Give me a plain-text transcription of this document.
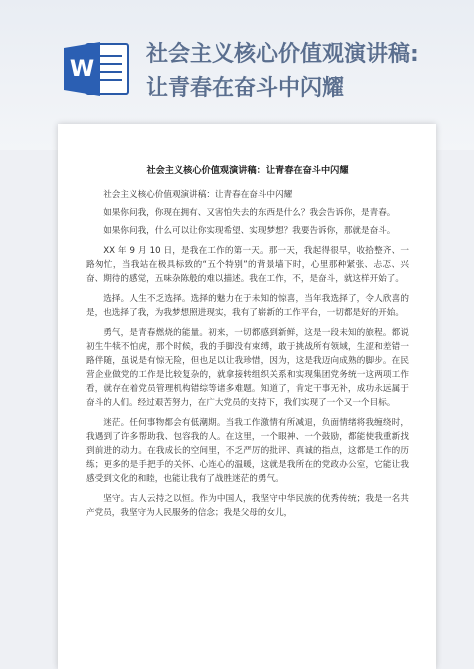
W
社会主义核心价值观演讲稿:
让青春在奋斗中闪耀
社会主义核心价值观演讲稿：让青春在奋斗中闪耀

社会主义核心价值观演讲稿：让青春在奋斗中闪耀

如果你问我，你现在拥有、又害怕失去的东西是什么？我会告诉你，是青春。

如果你问我，什么可以让你实现希望、实现梦想？我要告诉你，那就是奋斗。

XX 年 9 月 10 日，是我在工作的第一天。那一天，我起得很早，收拾整齐、一路匆忙，当我站在极具标致的“五个特别”的背景墙下时，心里那种紧张、忐忑、兴奋、期待的感觉，五味杂陈般的难以描述。我在工作，不，是奋斗，就这样开始了。

选择。人生不乏选择。选择的魅力在于未知的惊喜，当年我选择了，令人欣喜的是，也选择了我，为我梦想照进现实，我有了崭新的工作平台，一切都是好的开始。

勇气，是青春燃烧的能量。初来，一切都感到新鲜，这是一段未知的旅程。都说初生牛犊不怕虎，那个时候，我的手脚没有束缚，敢于挑战所有领域，生涩和差错一路伴随，虽说是有惊无险，但也足以让我珍惜，因为，这是我迈向成熟的脚步。在民营企业做党的工作是比较复杂的，就拿接转组织关系和实现集团党务统一这两项工作看，就存在着党员管理机构错综等诸多难题。知道了，肯定干事无补，成功永远属于奋斗的人们。经过艰苦努力，在广大党员的支持下，我们实现了一个又一个目标。

迷茫。任何事物都会有低潮期。当我工作激情有所减退，负面情绪将我缠绕时，我遇到了许多帮助我、包容我的人。在这里，一个眼神、一个鼓励，都能使我重新找到前进的动力。在我成长的空间里，不乏严厉的批评、真诚的指点，这都是工作的历练；更多的是手把手的关怀、心连心的温暖，这就是我所在的党政办公室，它能让我感受到文化的和睦，也能让我有了战胜迷茫的勇气。

坚守。古人云持之以恒。作为中国人，我坚守中华民族的优秀传统；我是一名共产党员，我坚守为人民服务的信念；我是父母的女儿，
